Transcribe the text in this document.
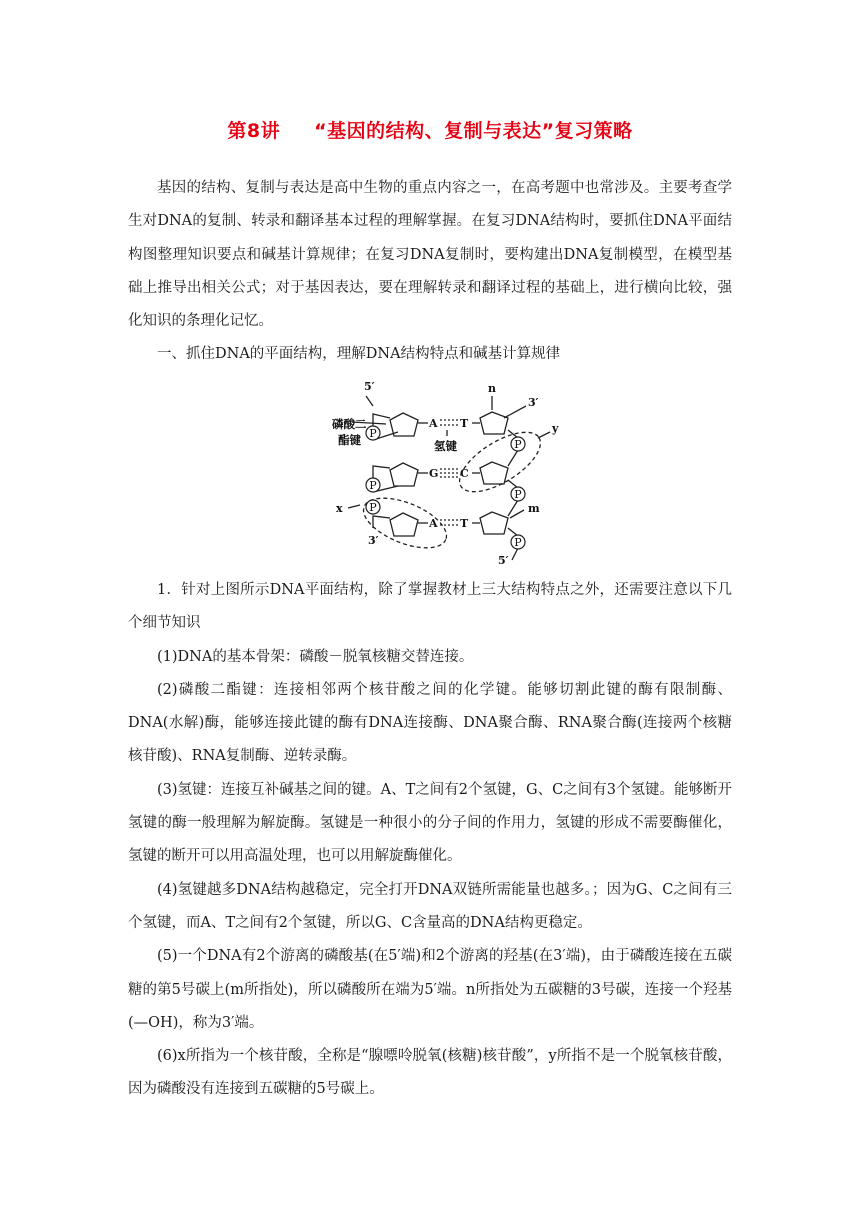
第8讲 “基因的结构、复制与表达”复习策略

基因的结构、复制与表达是高中生物的重点内容之一，在高考题中也常涉及。主要考查学生对DNA的复制、转录和翻译基本过程的理解掌握。在复习DNA结构时，要抓住DNA平面结构图整理知识要点和碱基计算规律；在复习DNA复制时，要构建出DNA复制模型，在模型基础上推导出相关公式；对于基因表达，要在理解转录和翻译过程的基础上，进行横向比较，强化知识的条理化记忆。

一、抓住DNA的平面结构，理解DNA结构特点和碱基计算规律

P
P
P
P
P
P
A T
G C
A T
5′
3′
3′
5′
n
y
x	m
磷酸二
酯键	氢键

1．针对上图所示DNA平面结构，除了掌握教材上三大结构特点之外，还需要注意以下几个细节知识

(1)DNA的基本骨架：磷酸－脱氧核糖交替连接。

(2)磷酸二酯键：连接相邻两个核苷酸之间的化学键。能够切割此键的酶有限制酶、DNA(水解)酶，能够连接此键的酶有DNA连接酶、DNA聚合酶、RNA聚合酶(连接两个核糖核苷酸)、RNA复制酶、逆转录酶。

(3)氢键：连接互补碱基之间的键。A、T之间有2个氢键，G、C之间有3个氢键。能够断开氢键的酶一般理解为解旋酶。氢键是一种很小的分子间的作用力，氢键的形成不需要酶催化，氢键的断开可以用高温处理，也可以用解旋酶催化。

(4)氢键越多DNA结构越稳定，完全打开DNA双链所需能量也越多。；因为G、C之间有三个氢键，而A、T之间有2个氢键，所以G、C含量高的DNA结构更稳定。

(5)一个DNA有2个游离的磷酸基(在5′端)和2个游离的羟基(在3′端)，由于磷酸连接在五碳糖的第5号碳上(m所指处)，所以磷酸所在端为5′端。n所指处为五碳糖的3号碳，连接一个羟基(—OH)，称为3′端。

(6)x所指为一个核苷酸，全称是“腺嘌呤脱氧(核糖)核苷酸”，y所指不是一个脱氧核苷酸，因为磷酸没有连接到五碳糖的5号碳上。
